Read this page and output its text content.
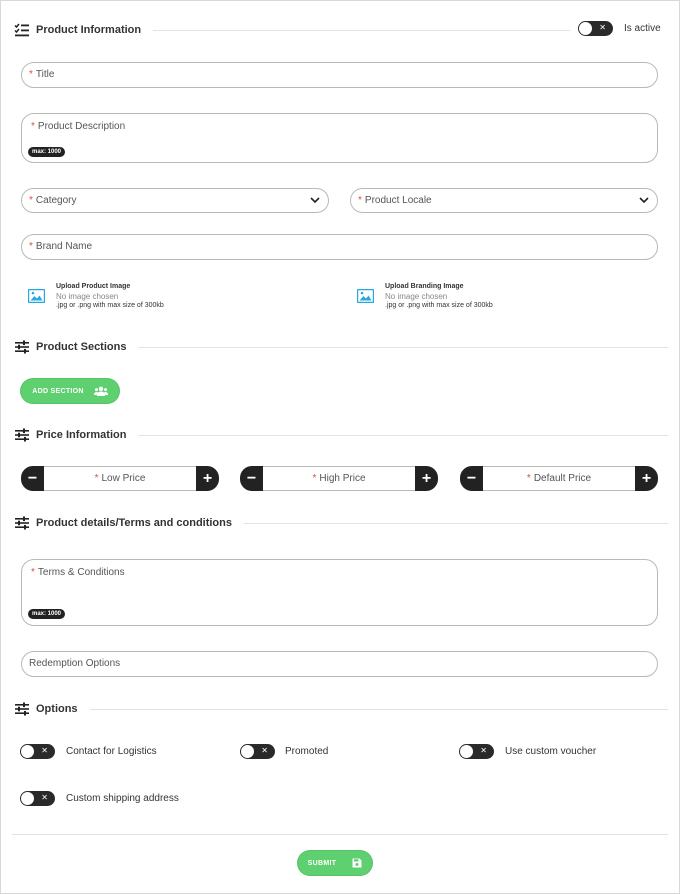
Product Information	✕ Is active
* Title
* Product Description
max: 1000
* Category	* Product Locale
* Brand Name
Upload Product Image
No image chosen
.jpg or .png with max size of 300kb
Upload Branding Image
No image chosen
.jpg or .png with max size of 300kb
Product Sections
ADD SECTION
Price Information
−	* Low Price	+	−	* High Price	+	−	* Default Price	+
Product details/Terms and conditions
* Terms & Conditions
max: 1000
Redemption Options
Options
✕ Contact for Logistics	✕ Promoted	✕ Use custom voucher
✕ Custom shipping address
SUBMIT
